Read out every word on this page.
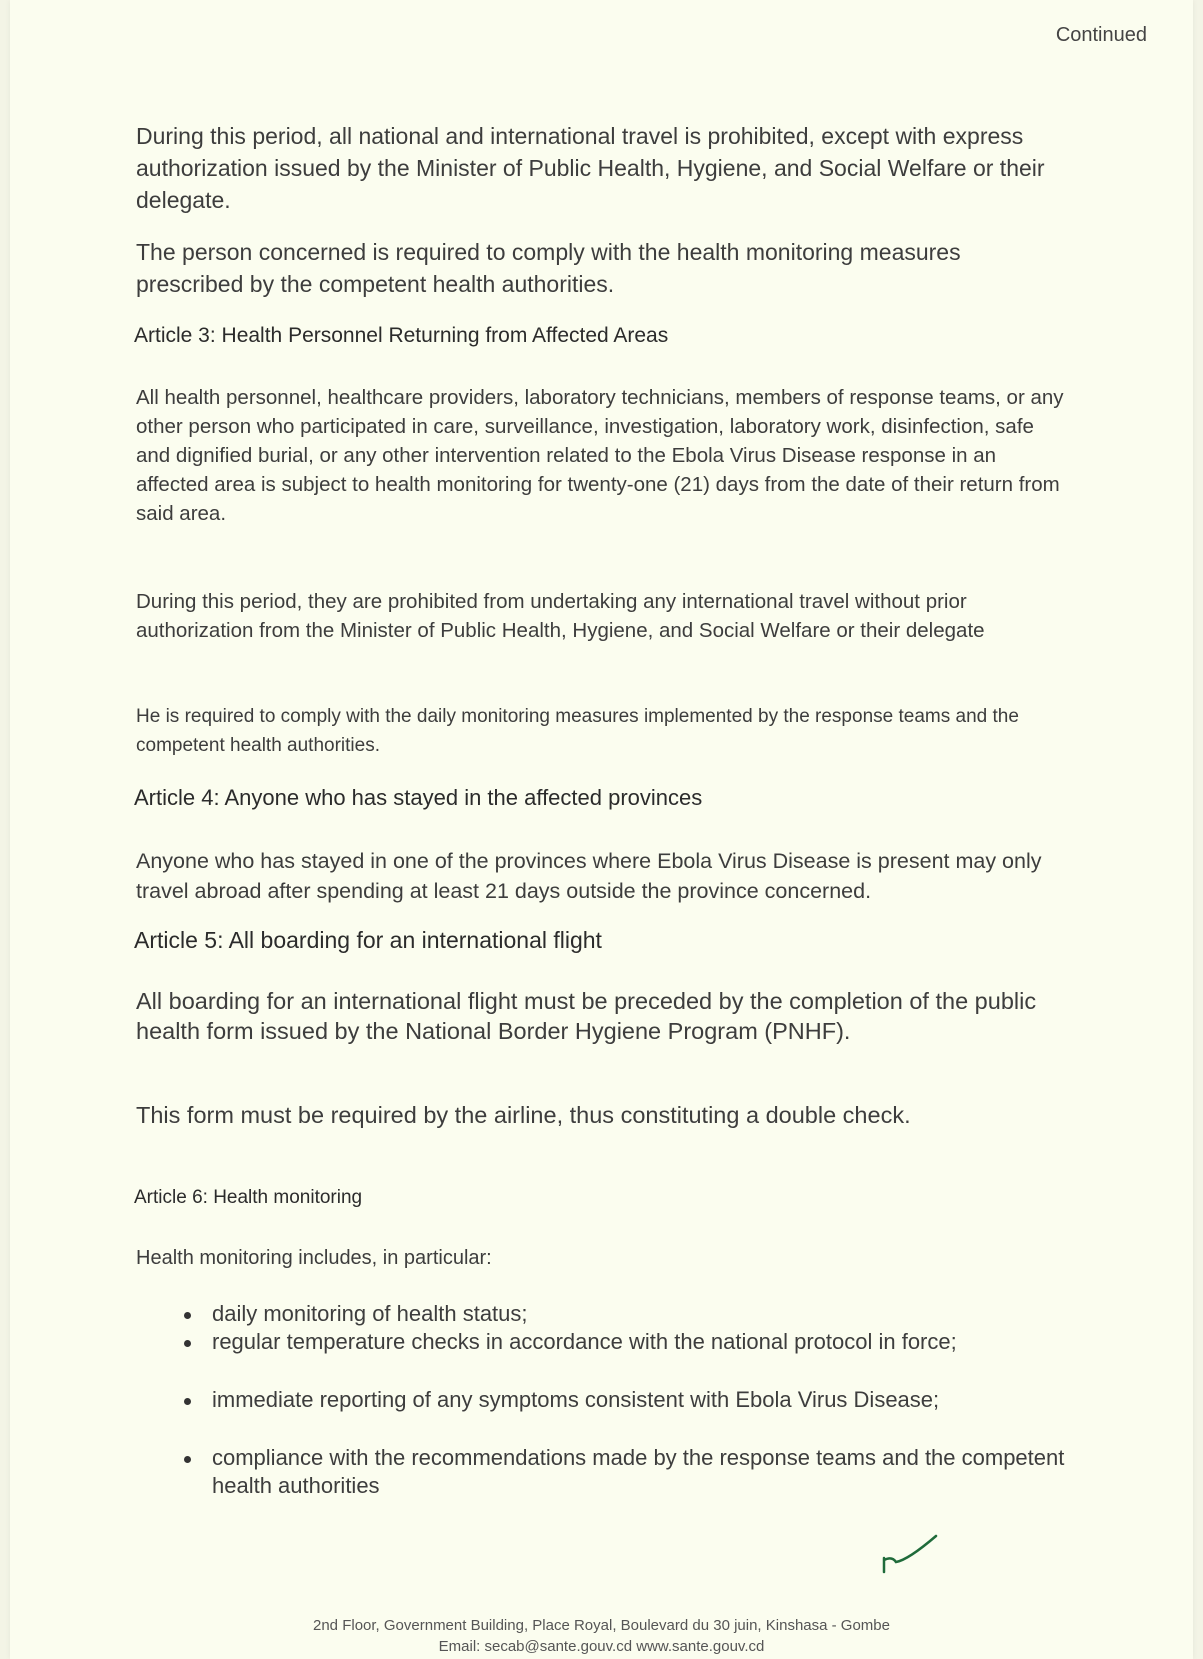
Continued

During this period, all national and international travel is prohibited, except with express authorization issued by the Minister of Public Health, Hygiene, and Social Welfare or their delegate.

The person concerned is required to comply with the health monitoring measures prescribed by the competent health authorities.

Article 3: Health Personnel Returning from Affected Areas

All health personnel, healthcare providers, laboratory technicians, members of response teams, or any other person who participated in care, surveillance, investigation, laboratory work, disinfection, safe and dignified burial, or any other intervention related to the Ebola Virus Disease response in an affected area is subject to health monitoring for twenty-one (21) days from the date of their return from said area.

During this period, they are prohibited from undertaking any international travel without prior authorization from the Minister of Public Health, Hygiene, and Social Welfare or their delegate

He is required to comply with the daily monitoring measures implemented by the response teams and the competent health authorities.

Article 4: Anyone who has stayed in the affected provinces

Anyone who has stayed in one of the provinces where Ebola Virus Disease is present may only travel abroad after spending at least 21 days outside the province concerned.

Article 5: All boarding for an international flight

All boarding for an international flight must be preceded by the completion of the public health form issued by the National Border Hygiene Program (PNHF).

This form must be required by the airline, thus constituting a double check.

Article 6: Health monitoring

Health monitoring includes, in particular:

daily monitoring of health status;
regular temperature checks in accordance with the national protocol in force;
immediate reporting of any symptoms consistent with Ebola Virus Disease;
compliance with the recommendations made by the response teams and the competent health authorities
2nd Floor, Government Building, Place Royal, Boulevard du 30 juin, Kinshasa - Gombe
Email: secab@sante.gouv.cd www.sante.gouv.cd
